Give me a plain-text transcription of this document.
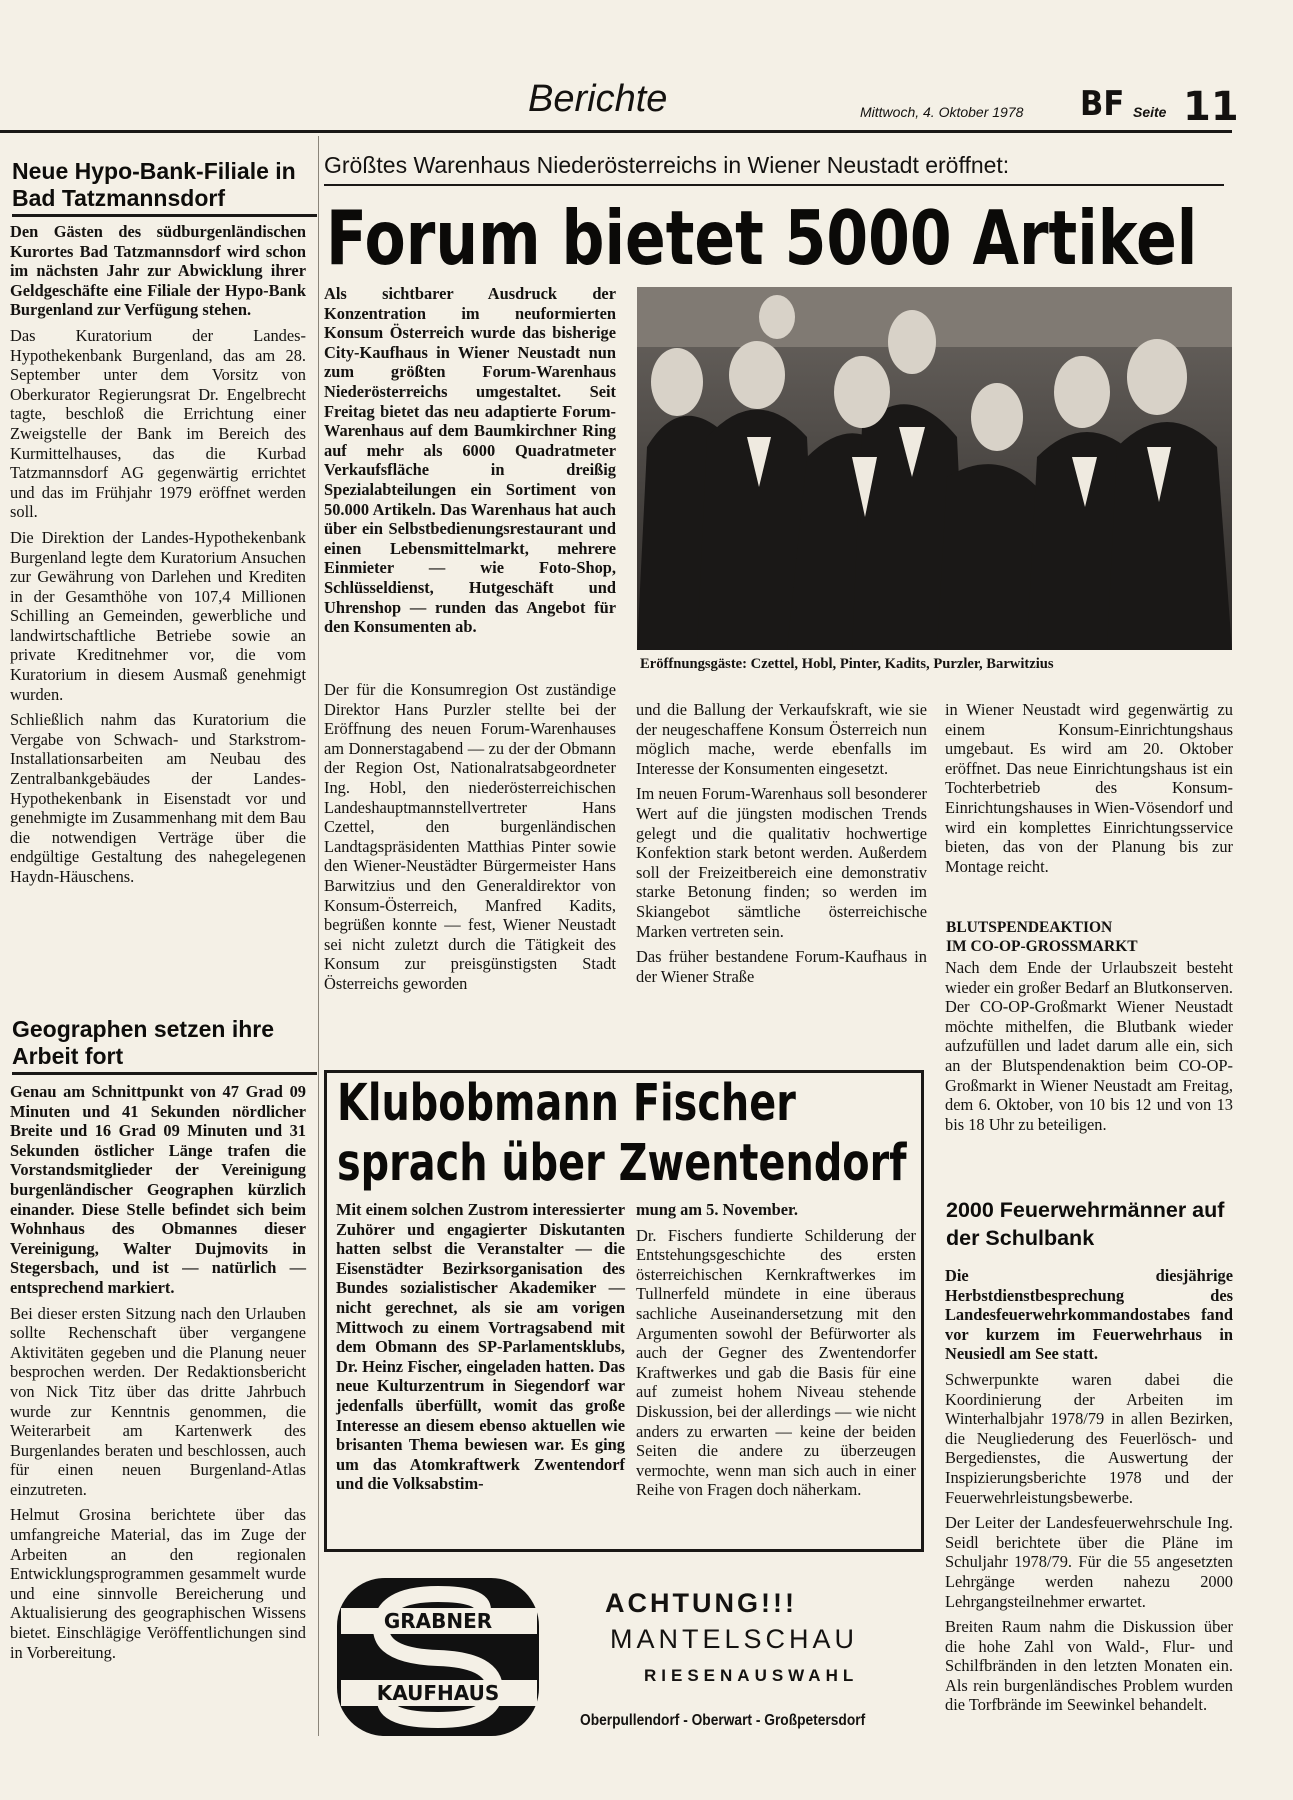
Berichte	Mittwoch, 4. Oktober 1978 BF Seite 11
Neue Hypo-Bank-Filiale in Bad Tatzmannsdorf

Den Gästen des südburgenländischen Kurortes Bad Tatzmannsdorf wird schon im nächsten Jahr zur Abwicklung ihrer Geldgeschäfte eine Filiale der Hypo-Bank Burgenland zur Verfügung stehen.

Das Kuratorium der Landes-Hypothekenbank Burgenland, das am 28. September unter dem Vorsitz von Oberkurator Regierungsrat Dr. Engelbrecht tagte, beschloß die Errichtung einer Zweigstelle der Bank im Bereich des Kurmittelhauses, das die Kurbad Tatzmannsdorf AG gegenwärtig errichtet und das im Frühjahr 1979 eröffnet werden soll.

Die Direktion der Landes-Hypothekenbank Burgenland legte dem Kuratorium Ansuchen zur Gewährung von Darlehen und Krediten in der Gesamthöhe von 107,4 Millionen Schilling an Gemeinden, gewerbliche und landwirtschaftliche Betriebe sowie an private Kreditnehmer vor, die vom Kuratorium in diesem Ausmaß genehmigt wurden.

Schließlich nahm das Kuratorium die Vergabe von Schwach- und Starkstrom-Installationsarbeiten am Neubau des Zentralbankgebäudes der Landes-Hypothekenbank in Eisenstadt vor und genehmigte im Zusammenhang mit dem Bau die notwendigen Verträge über die endgültige Gestaltung des nahegelegenen Haydn-Häuschens.

Geographen setzen ihre Arbeit fort

Genau am Schnittpunkt von 47 Grad 09 Minuten und 41 Sekunden nördlicher Breite und 16 Grad 09 Minuten und 31 Sekunden östlicher Länge trafen die Vorstandsmitglieder der Vereinigung burgenländischer Geographen kürzlich einander. Diese Stelle befindet sich beim Wohnhaus des Obmannes dieser Vereinigung, Walter Dujmovits in Stegersbach, und ist — natürlich — entsprechend markiert.

Bei dieser ersten Sitzung nach den Urlauben sollte Rechenschaft über vergangene Aktivitäten gegeben und die Planung neuer besprochen werden. Der Redaktionsbericht von Nick Titz über das dritte Jahrbuch wurde zur Kenntnis genommen, die Weiterarbeit am Kartenwerk des Burgenlandes beraten und beschlossen, auch für einen neuen Burgenland-Atlas einzutreten.

Helmut Grosina berichtete über das umfangreiche Material, das im Zuge der Arbeiten an den regionalen Entwicklungsprogrammen gesammelt wurde und eine sinnvolle Bereicherung und Aktualisierung des geographischen Wissens bietet. Einschlägige Veröffentlichungen sind in Vorbereitung.

Größtes Warenhaus Niederösterreichs in Wiener Neustadt eröffnet:
Forum bietet 5000 Artikel

Als sichtbarer Ausdruck der Konzentration im neuformierten Konsum Österreich wurde das bisherige City-Kaufhaus in Wiener Neustadt nun zum größten Forum-Warenhaus Niederösterreichs umgestaltet. Seit Freitag bietet das neu adaptierte Forum-Warenhaus auf dem Baumkirchner Ring auf mehr als 6000 Quadratmeter Verkaufsfläche in dreißig Spezialabteilungen ein Sortiment von 50.000 Artikeln. Das Warenhaus hat auch über ein Selbstbedienungsrestaurant und einen Lebensmittelmarkt, mehrere Einmieter — wie Foto-Shop, Schlüsseldienst, Hutgeschäft und Uhrenshop — runden das Angebot für den Konsumenten ab.

Eröffnungsgäste: Czettel, Hobl, Pinter, Kadits, Purzler, Barwitzius

Der für die Konsumregion Ost zuständige Direktor Hans Purzler stellte bei der Eröffnung des neuen Forum-Warenhauses am Donnerstagabend — zu der der Obmann der Region Ost, Nationalratsabgeordneter Ing. Hobl, den niederösterreichischen Landeshauptmannstellvertreter Hans Czettel, den burgenländischen Landtagspräsidenten Matthias Pinter sowie den Wiener-Neustädter Bürgermeister Hans Barwitzius und den Generaldirektor von Konsum-Österreich, Manfred Kadits, begrüßen konnte — fest, Wiener Neustadt sei nicht zuletzt durch die Tätigkeit des Konsum zur preisgünstigsten Stadt Österreichs geworden

und die Ballung der Verkaufskraft, wie sie der neugeschaffene Konsum Österreich nun möglich mache, werde ebenfalls im Interesse der Konsumenten eingesetzt.

Im neuen Forum-Warenhaus soll besonderer Wert auf die jüngsten modischen Trends gelegt und die qualitativ hochwertige Konfektion stark betont werden. Außerdem soll der Freizeitbereich eine demonstrativ starke Betonung finden; so werden im Skiangebot sämtliche österreichische Marken vertreten sein.

Das früher bestandene Forum-Kaufhaus in der Wiener Straße

in Wiener Neustadt wird gegenwärtig zu einem Konsum-Einrichtungshaus umgebaut. Es wird am 20. Oktober eröffnet. Das neue Einrichtungshaus ist ein Tochterbetrieb des Konsum-Einrichtungshauses in Wien-Vösendorf und wird ein komplettes Einrichtungsservice bieten, das von der Planung bis zur Montage reicht.

BLUTSPENDEAKTION
IM CO-OP-GROSSMARKT

Nach dem Ende der Urlaubszeit besteht wieder ein großer Bedarf an Blutkonserven. Der CO-OP-Großmarkt Wiener Neustadt möchte mithelfen, die Blutbank wieder aufzufüllen und ladet darum alle ein, sich an der Blutspendenaktion beim CO-OP-Großmarkt in Wiener Neustadt am Freitag, dem 6. Oktober, von 10 bis 12 und von 13 bis 18 Uhr zu beteiligen.

Klubobmann Fischer
sprach über Zwentendorf

Mit einem solchen Zustrom interessierter Zuhörer und engagierter Diskutanten hatten selbst die Veranstalter — die Eisenstädter Bezirksorganisation des Bundes sozialistischer Akademiker — nicht gerechnet, als sie am vorigen Mittwoch zu einem Vortragsabend mit dem Obmann des SP-Parlamentsklubs, Dr. Heinz Fischer, eingeladen hatten. Das neue Kulturzentrum in Siegendorf war jedenfalls überfüllt, womit das große Interesse an diesem ebenso aktuellen wie brisanten Thema bewiesen war. Es ging um das Atomkraftwerk Zwentendorf und die Volksabstim-

mung am 5. November.

Dr. Fischers fundierte Schilderung der Entstehungsgeschichte des ersten österreichischen Kernkraftwerkes im Tullnerfeld mündete in eine überaus sachliche Auseinandersetzung mit den Argumenten sowohl der Befürworter als auch der Gegner des Zwentendorfer Kraftwerkes und gab die Basis für eine auf zumeist hohem Niveau stehende Diskussion, bei der allerdings — wie nicht anders zu erwarten — keine der beiden Seiten die andere zu überzeugen vermochte, wenn man sich auch in einer Reihe von Fragen doch näherkam.

2000 Feuerwehrmänner auf der Schulbank

Die diesjährige Herbstdienstbesprechung des Landesfeuerwehrkommandostabes fand vor kurzem im Feuerwehrhaus in Neusiedl am See statt.

Schwerpunkte waren dabei die Koordinierung der Arbeiten im Winterhalbjahr 1978/79 in allen Bezirken, die Neugliederung des Feuerlösch- und Bergedienstes, die Auswertung der Inspizierungsberichte 1978 und der Feuerwehrleistungsbewerbe.

Der Leiter der Landesfeuerwehrschule Ing. Seidl berichtete über die Pläne im Schuljahr 1978/79. Für die 55 angesetzten Lehrgänge werden nahezu 2000 Lehrgangsteilnehmer erwartet.

Breiten Raum nahm die Diskussion über die hohe Zahl von Wald-, Flur- und Schilfbränden in den letzten Monaten ein. Als rein burgenländisches Problem wurden die Torfbrände im Seewinkel behandelt.

GRABNER
KAUFHAUS
ACHTUNG!!!
MANTELSCHAU
RIESENAUSWAHL
Oberpullendorf - Oberwart - Großpetersdorf
